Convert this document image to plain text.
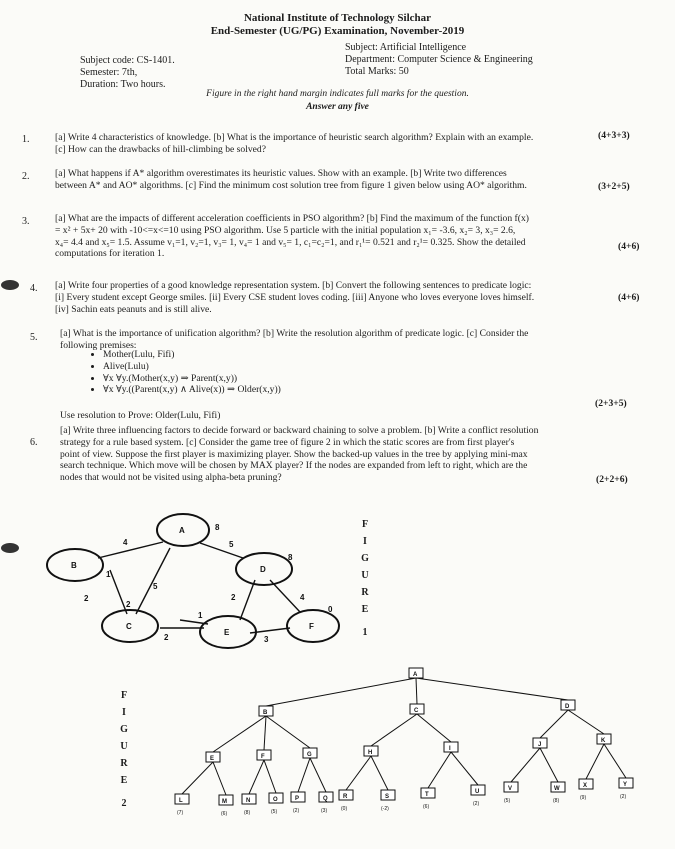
National Institute of Technology Silchar
End-Semester (UG/PG) Examination, November-2019
Subject code: CS-1401.
Semester: 7th,
Duration: Two hours.
Subject: Artificial Intelligence
Department: Computer Science & Engineering
Total Marks: 50
Figure in the right hand margin indicates full marks for the question.
Answer any five
1.	[a] Write 4 characteristics of knowledge. [b] What is the importance of heuristic search algorithm? Explain with an example.
[c] How can the drawbacks of hill-climbing be solved?
(4+3+3)
2.	[a] What happens if A* algorithm overestimates its heuristic values. Show with an example. [b] Write two differences
between A* and AO* algorithms. [c] Find the minimum cost solution tree from figure 1 given below using AO* algorithm.	(3+2+5)
3.	[a] What are the impacts of different acceleration coefficients in PSO algorithm? [b] Find the maximum of the function f(x)
= x² + 5x+ 20 with -10<=x<=10 using PSO algorithm. Use 5 particle with the initial population x₁= -3.6, x₂= 3, x₃= 2.6,
x₄= 4.4 and x₅= 1.5. Assume v₁=1, v₂=1, v₃= 1, v₄= 1 and v₅= 1, c₁=c₂=1, and r₁¹= 0.521 and r₂¹= 0.325. Show the detailed
computations for iteration 1.
(4+6)
4. [a] Write four properties of a good knowledge representation system. [b] Convert the following sentences to predicate logic:
[i] Every student except George smiles. [ii] Every CSE student loves coding. [iii] Anyone who loves everyone loves himself.
[iv] Sachin eats peanuts and is still alive.
(4+6)
5. [a] What is the importance of unification algorithm? [b] Write the resolution algorithm of predicate logic. [c] Consider the
following premises:
• Mother(Lulu, Fifi)
• Alive(Lulu)
• ∀x ∀y.(Mother(x,y) ⇒ Parent(x,y))
• ∀x ∀y.((Parent(x,y) ∧ Alive(x)) ⇒ Older(x,y))
Use resolution to Prove: Older(Lulu, Fifi)
(2+3+5)
6.
[a] Write three influencing factors to decide forward or backward chaining to solve a problem. [b] Write a conflict resolution
strategy for a rule based system. [c] Consider the game tree of figure 2 in which the static scores are from first player's
point of view. Suppose the first player is maximizing player. Show the backed-up values in the tree by applying mini-max
search technique. Which move will be chosen by MAX player? If the nodes are expanded from left to right, which are the
nodes that would not be visited using alpha-beta pruning?	(2+2+6)
F
I
G
U
R
E
1
A
B
C
D
E
F
8
8
0
4
1
2
5
2
1
2
5
2
3
4
F
I
G
U
R
E
2
A
B	C
D
E	F	G	H
I
J
K
L
(7)
M
(6)
N
(8)
O
(5)
P
(2)
Q
(3)
R
(0)
S
(-2)
T
(6)
U
(2)
V
(5)
W
(8)
X
(9)
Y
(2)
